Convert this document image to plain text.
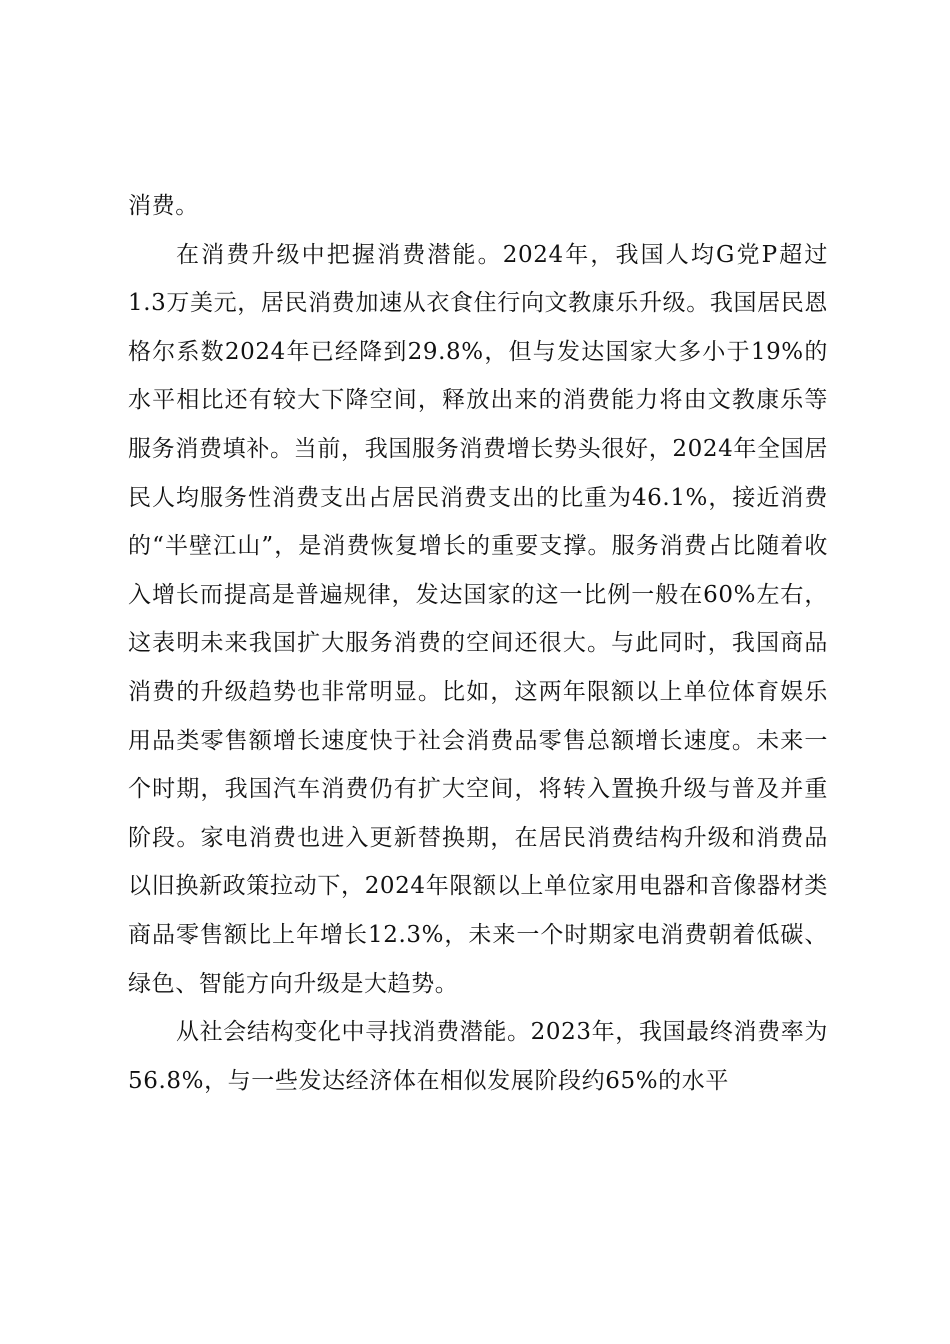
消费。

在消费升级中把握消费潜能。2024年，我国人均G党P超过1.3万美元，居民消费加速从衣食住行向文教康乐升级。我国居民恩格尔系数2024年已经降到29.8%，但与发达国家大多小于19%的水平相比还有较大下降空间，释放出来的消费能力将由文教康乐等服务消费填补。当前，我国服务消费增长势头很好，2024年全国居民人均服务性消费支出占居民消费支出的比重为46.1%，接近消费的“半壁江山”，是消费恢复增长的重要支撑。服务消费占比随着收入增长而提高是普遍规律，发达国家的这一比例一般在60%左右，这表明未来我国扩大服务消费的空间还很大。与此同时，我国商品消费的升级趋势也非常明显。比如，这两年限额以上单位体育娱乐用品类零售额增长速度快于社会消费品零售总额增长速度。未来一个时期，我国汽车消费仍有扩大空间，将转入置换升级与普及并重阶段。家电消费也进入更新替换期，在居民消费结构升级和消费品以旧换新政策拉动下，2024年限额以上单位家用电器和音像器材类商品零售额比上年增长12.3%，未来一个时期家电消费朝着低碳、绿色、智能方向升级是大趋势。

从社会结构变化中寻找消费潜能。2023年，我国最终消费率为56.8%，与一些发达经济体在相似发展阶段约65%的水平
